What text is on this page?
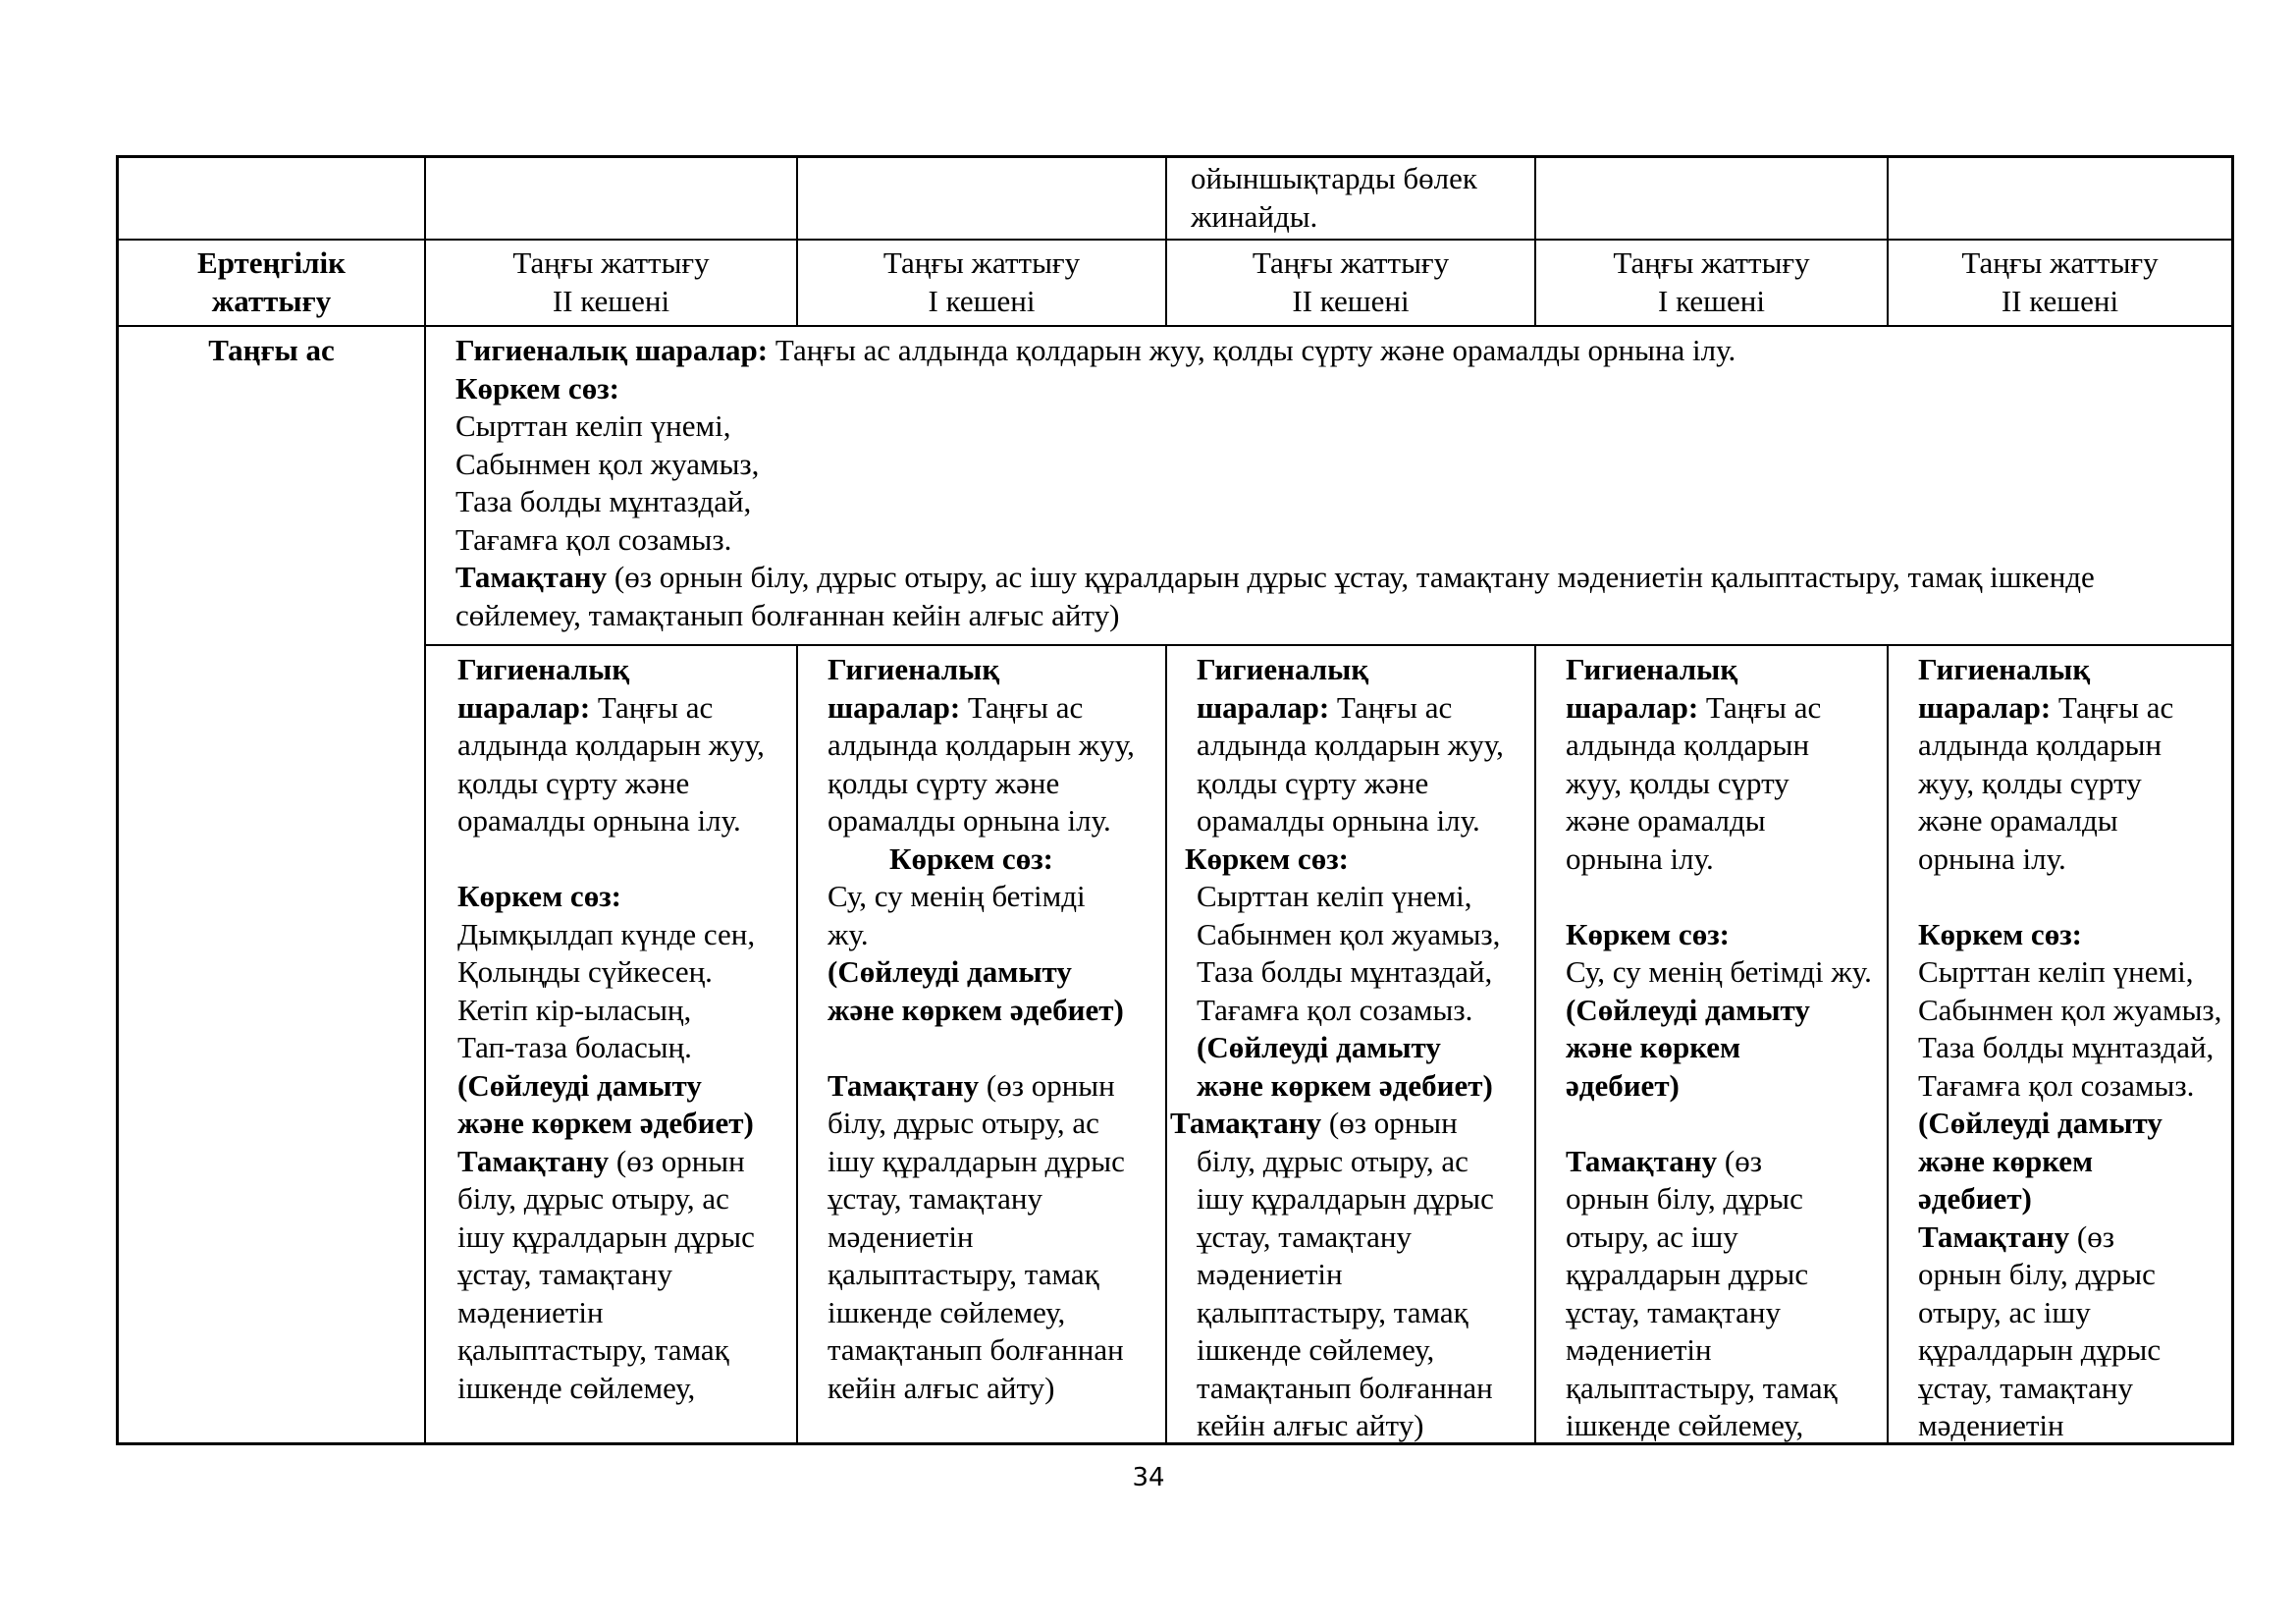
ойыншықтарды бөлек
жинайды.
Ертеңгілік
жаттығу
Таңғы жаттығу
ІІ кешені
Таңғы жаттығу
І кешені
Таңғы жаттығу
ІІ кешені
Таңғы жаттығу
І кешені
Таңғы жаттығу
ІІ кешені
Таңғы ас	Гигиеналық шаралар: Таңғы ас алдында қолдарын жуу, қолды сүрту және орамалды орнына ілу.
Көркем сөз:
Сырттан келіп үнемі,
Сабынмен қол жуамыз,
Таза болды мұнтаздай,
Тағамға қол созамыз.
Тамақтану (өз орнын білу, дұрыс отыру, ас ішу құралдарын дұрыс ұстау, тамақтану мәдениетін қалыптастыру, тамақ ішкенде
сөйлемеу, тамақтанып болғаннан кейін алғыс айту)
Гигиеналық
шаралар: Таңғы ас
алдында қолдарын жуу,
қолды сүрту және
орамалды орнына ілу.
Көркем сөз:
Дымқылдап күнде сен,
Қолыңды сүйкесең.
Кетіп кір-ыласың,
Тап-таза боласың.
(Сөйлеуді дамыту
және көркем әдебиет)
Тамақтану (өз орнын
білу, дұрыс отыру, ас
ішу құралдарын дұрыс
ұстау, тамақтану
мәдениетін
қалыптастыру, тамақ
ішкенде сөйлемеу,
Гигиеналық
шаралар: Таңғы ас
алдында қолдарын жуу,
қолды сүрту және
орамалды орнына ілу.
Көркем сөз:
Су, су менің бетімді
жу.
(Сөйлеуді дамыту
және көркем әдебиет)
Тамақтану (өз орнын
білу, дұрыс отыру, ас
ішу құралдарын дұрыс
ұстау, тамақтану
мәдениетін
қалыптастыру, тамақ
ішкенде сөйлемеу,
тамақтанып болғаннан
кейін алғыс айту)
Гигиеналық
шаралар: Таңғы ас
алдында қолдарын жуу,
қолды сүрту және
орамалды орнына ілу.
Көркем сөз:
Сырттан келіп үнемі,
Сабынмен қол жуамыз,
Таза болды мұнтаздай,
Тағамға қол созамыз.
(Сөйлеуді дамыту
және көркем әдебиет)
Тамақтану (өз орнын
білу, дұрыс отыру, ас
ішу құралдарын дұрыс
ұстау, тамақтану
мәдениетін
қалыптастыру, тамақ
ішкенде сөйлемеу,
тамақтанып болғаннан
кейін алғыс айту)
Гигиеналық
шаралар: Таңғы ас
алдында қолдарын
жуу, қолды сүрту
және орамалды
орнына ілу.
Көркем сөз:
Су, су менің бетімді жу.
(Сөйлеуді дамыту
және көркем
әдебиет)
Тамақтану (өз
орнын білу, дұрыс
отыру, ас ішу
құралдарын дұрыс
ұстау, тамақтану
мәдениетін
қалыптастыру, тамақ
ішкенде сөйлемеу,
Гигиеналық
шаралар: Таңғы ас
алдында қолдарын
жуу, қолды сүрту
және орамалды
орнына ілу.
Көркем сөз:
Сырттан келіп үнемі,
Сабынмен қол жуамыз,
Таза болды мұнтаздай,
Тағамға қол созамыз.
(Сөйлеуді дамыту
және көркем
әдебиет)
Тамақтану (өз
орнын білу, дұрыс
отыру, ас ішу
құралдарын дұрыс
ұстау, тамақтану
мәдениетін
34
